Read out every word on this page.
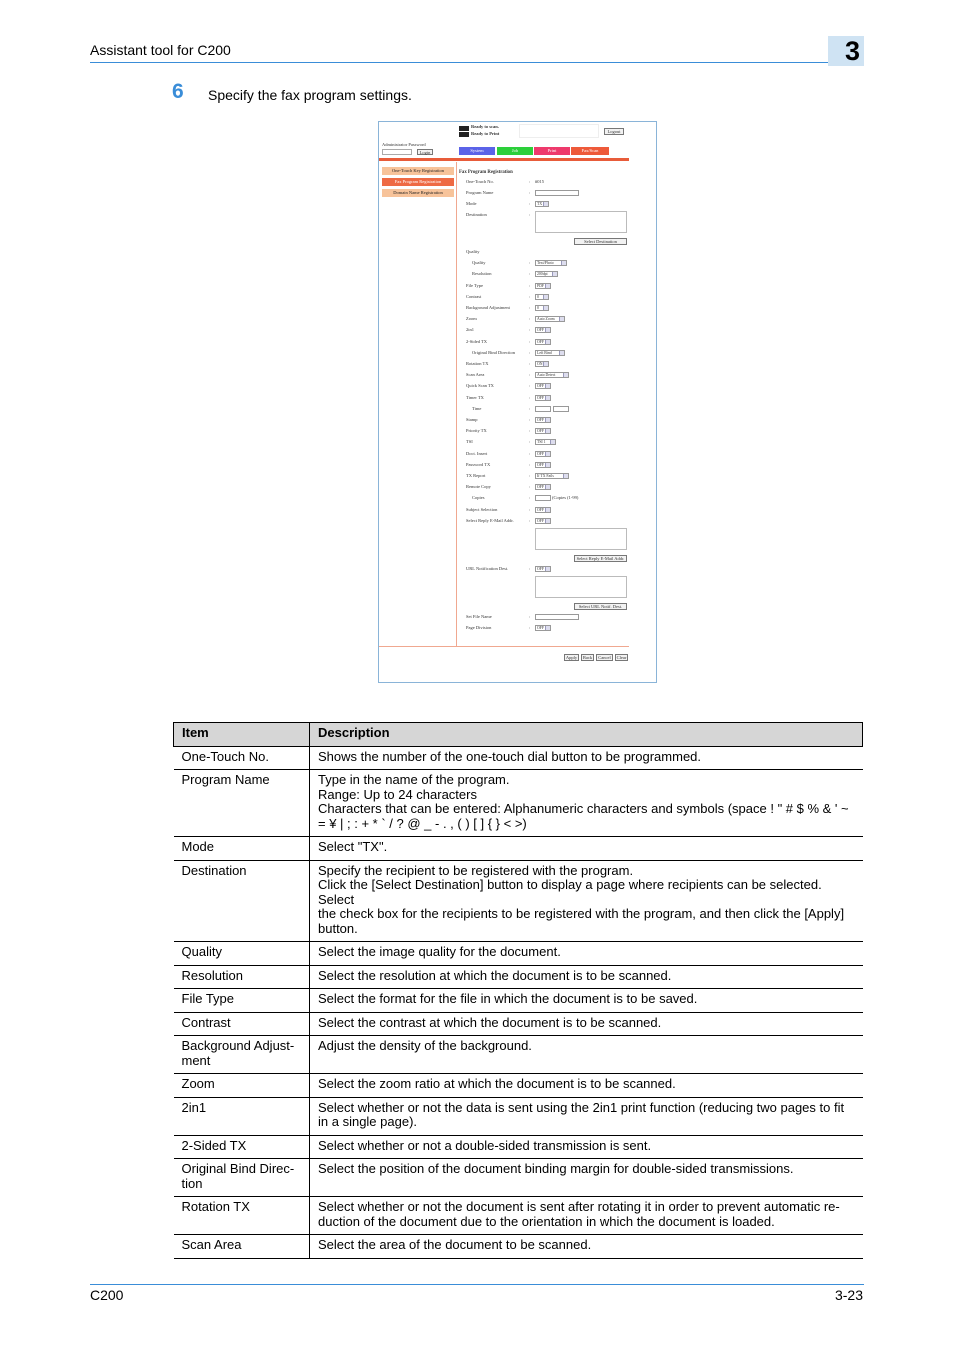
Assistant tool for C200	3
6 Specify the fax program settings.
Ready to scan.
Ready to Print	Logout
Administrator Password
Login
Fax Program Registration
System	Job	Print	Fax/Scan
One-Touch Key Registration
Fax Program Registration
Domain Name Registration
One-Touch No.	: #015
Program Name	:
Mode	:	TX
Destination	:
Select Destination
Quality
Quality	:	Text/Photo
Resolution	:	200dpi
File Type	:	PDF
Contrast	:	0
Background Adjustment	:	0
Zoom	:	Auto Zoom
2in1	:	OFF
2-Sided TX	:	OFF
Original Bind Direction	:	Left Bind
Rotation TX	:	ON
Scan Area	:	Auto Detect
Quick Scan TX	:	OFF
Timer TX	:	OFF
Time	:
Stamp	:	OFF
Priority TX	:	OFF
TSI	:	TSI 1
Doct. Insert	:	OFF
Password TX	:	OFF
TX Report	:	If TX Fails
Remote Copy	:	OFF
Copies	:	(Copies (1-99)
Subject Selection	:	OFF
Select Reply E-Mail Addr.	:	OFF
Select Reply E-Mail Addr.
URL Notification Dest.	:	OFF
Select URL Notif. Dest.
Set File Name	:
Page Division	:	OFF
Apply	Back	Cancel	Clear
Item	Description
One-Touch No.	Shows the number of the one-touch dial button to be programmed.
Program Name	Type in the name of the program.
Range: Up to 24 characters
Characters that can be entered: Alphanumeric characters and symbols (space ! " # $ % & ' ~
= ¥ | ; : + * ` / ? @ _ - . , ( ) [ ] { } < >)
Mode	Select "TX".
Destination	Specify the recipient to be registered with the program.
Click the [Select Destination] button to display a page where recipients can be selected. Select
the check box for the recipients to be registered with the program, and then click the [Apply]
button.
Quality	Select the image quality for the document.
Resolution	Select the resolution at which the document is to be scanned.
File Type	Select the format for the file in which the document is to be saved.
Contrast	Select the contrast at which the document is to be scanned.
Background Adjust-
ment	Adjust the density of the background.
Zoom	Select the zoom ratio at which the document is to be scanned.
2in1	Select whether or not the data is sent using the 2in1 print function (reducing two pages to fit
in a single page).
2-Sided TX	Select whether or not a double-sided transmission is sent.
Original Bind Direc-
tion	Select the position of the document binding margin for double-sided transmissions.
Rotation TX	Select whether or not the document is sent after rotating it in order to prevent automatic re-
duction of the document due to the orientation in which the document is loaded.
Scan Area	Select the area of the document to be scanned.
C200	3-23
